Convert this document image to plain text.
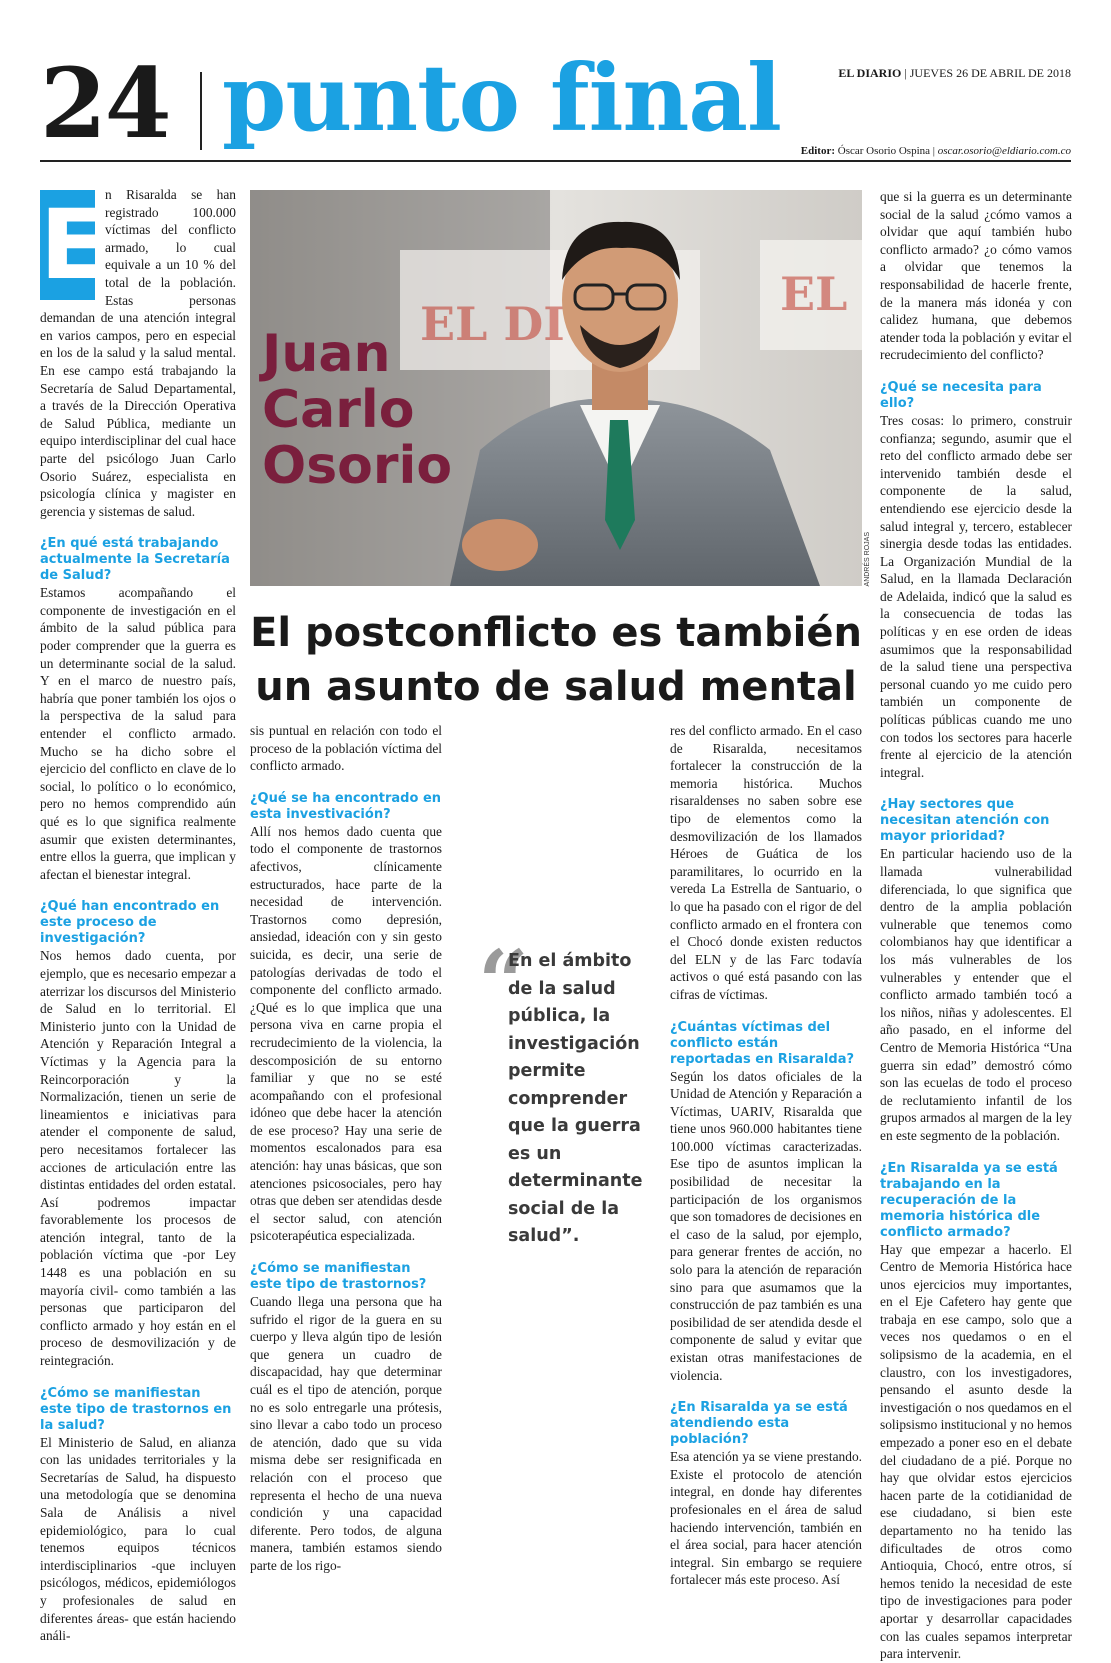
24 punto final	EL DIARIO | JUEVES 26 DE ABRIL DE 2018
Editor: Óscar Osorio Ospina | oscar.osorio@eldiario.com.co

E n Risaralda se han registrado 100.000 víctimas del conflicto armado, lo cual equivale a un 10 % del total de la población. Estas personas demandan de una atención integral en varios campos, pero en especial en los de la salud y la salud mental. En ese campo está trabajando la Secretaría de Salud Departamental, a través de la Dirección Operativa de Salud Pública, mediante un equipo interdisciplinar del cual hace parte del psicólogo Juan Carlo Osorio Suárez, especialista en psicología clínica y magister en gerencia y sistemas de salud.

¿En qué está trabajando actualmente la Secretaría de Salud?

Estamos acompañando el componente de investigación en el ámbito de la salud pública para poder comprender que la guerra es un determinante social de la salud. Y en el marco de nuestro país, habría que poner también los ojos o la perspectiva de la salud para entender el conflicto armado. Mucho se ha dicho sobre el ejercicio del conflicto en clave de lo social, lo político o lo económico, pero no hemos comprendido aún qué es lo que significa realmente asumir que existen determinantes, entre ellos la guerra, que implican y afectan el bienestar integral.

¿Qué han encontrado en este proceso de investigación?

Nos hemos dado cuenta, por ejemplo, que es necesario empezar a aterrizar los discursos del Ministerio de Salud en lo territorial. El Ministerio junto con la Unidad de Atención y Reparación Integral a Víctimas y la Agencia para la Reincorporación y la Normalización, tienen un serie de lineamientos e iniciativas para atender el componente de salud, pero necesitamos fortalecer las acciones de articulación entre las distintas entidades del orden estatal. Así podremos impactar favorablemente los procesos de atención integral, tanto de la población víctima que -por Ley 1448 es una población en su mayoría civil- como también a las personas que participaron del conflicto armado y hoy están en el proceso de desmovilización y de reintegración.

¿Cómo se manifiestan este tipo de trastornos en la salud?

El Ministerio de Salud, en alianza con las unidades territoriales y la Secretarías de Salud, ha dispuesto una metodología que se denomina Sala de Análisis a nivel epidemiológico, para lo cual tenemos equipos técnicos interdisciplinarios -que incluyen psicólogos, médicos, epidemiólogos y profesionales de salud en diferentes áreas- que están haciendo análi-

EL DI
EL
ANDRÉS ROJAS
Juan
Carlo
Osorio
El postconflicto es también
un asunto de salud mental

sis puntual en relación con todo el proceso de la población víctima del conflicto armado.

¿Qué se ha encontrado en esta investivación?

Allí nos hemos dado cuenta que todo el componente de trastornos afectivos, clínicamente estructurados, hace parte de la necesidad de intervención. Trastornos como depresión, ansiedad, ideación con y sin gesto suicida, es decir, una serie de patologías derivadas de todo el componente del conflicto armado. ¿Qué es lo que implica que una persona viva en carne propia el recrudecimiento de la violencia, la descomposición de su entorno familiar y que no se esté acompañando con el profesional idóneo que debe hacer la atención de ese proceso? Hay una serie de momentos escalonados para esa atención: hay unas básicas, que son atenciones psicosociales, pero hay otras que deben ser atendidas desde el sector salud, con atención psicoterapéutica especializada.

¿Cómo se manifiestan este tipo de trastornos?

Cuando llega una persona que ha sufrido el rigor de la guera en su cuerpo y lleva algún tipo de lesión que genera un cuadro de discapacidad, hay que determinar cuál es el tipo de atención, porque no es solo entregarle una prótesis, sino llevar a cabo todo un proceso de atención, dado que su vida misma debe ser resignificada en relación con el proceso que representa el hecho de una nueva condición y una capacidad diferente. Pero todos, de alguna manera, también estamos siendo parte de los rigo-

“
En el ámbito de la salud pública, la investigación permite comprender que la guerra es un determinante social de la salud”.

res del conflicto armado. En el caso de Risaralda, necesitamos fortalecer la construcción de la memoria histórica. Muchos risaraldenses no saben sobre ese tipo de elementos como la desmovilización de los llamados Héroes de Guática de los paramilitares, lo ocurrido en la vereda La Estrella de Santuario, o lo que ha pasado con el rigor de del conflicto armado en el frontera con el Chocó donde existen reductos del ELN y de las Farc todavía activos o qué está pasando con las cifras de víctimas.

¿Cuántas víctimas del conflicto están reportadas en Risaralda?

Según los datos oficiales de la Unidad de Atención y Reparación a Víctimas, UARIV, Risaralda que tiene unos 960.000 habitantes tiene 100.000 víctimas caracterizadas. Ese tipo de asuntos implican la posibilidad de necesitar la participación de los organismos que son tomadores de decisiones en el caso de la salud, por ejemplo, para generar frentes de acción, no solo para la atención de reparación sino para que asumamos que la construcción de paz también es una posibilidad de ser atendida desde el componente de salud y evitar que existan otras manifestaciones de violencia.

¿En Risaralda ya se está atendiendo esta población?

Esa atención ya se viene prestando. Existe el protocolo de atención integral, en donde hay diferentes profesionales en el área de salud haciendo intervención, también en el área social, para hacer atención integral. Sin embargo se requiere fortalecer más este proceso. Así

que si la guerra es un determinante social de la salud ¿cómo vamos a olvidar que aquí también hubo conflicto armado? ¿o cómo vamos a olvidar que tenemos la responsabilidad de hacerle frente, de la manera más idonéa y con calidez humana, que debemos atender toda la población y evitar el recrudecimiento del conflicto?

¿Qué se necesita para ello?

Tres cosas: lo primero, construir confianza; segundo, asumir que el reto del conflicto armado debe ser intervenido también desde el componente de la salud, entendiendo ese ejercicio desde la salud integral y, tercero, establecer sinergia desde todas las entidades. La Organización Mundial de la Salud, en la llamada Declaración de Adelaida, indicó que la salud es la consecuencia de todas las políticas y en ese orden de ideas asumimos que la responsabilidad de la salud tiene una perspectiva personal cuando yo me cuido pero también un componente de políticas públicas cuando me uno con todos los sectores para hacerle frente al ejercicio de la atención integral.

¿Hay sectores que necesitan atención con mayor prioridad?

En particular haciendo uso de la llamada vulnerabilidad diferenciada, lo que significa que dentro de la amplia población vulnerable que tenemos como colombianos hay que identificar a los más vulnerables de los vulnerables y entender que el conflicto armado también tocó a los niños, niñas y adolescentes. El año pasado, en el informe del Centro de Memoria Histórica “Una guerra sin edad” demostró cómo son las ecuelas de todo el proceso de reclutamiento infantil de los grupos armados al margen de la ley en este segmento de la población.

¿En Risaralda ya se está trabajando en la recuperación de la memoria histórica dle conflicto armado?

Hay que empezar a hacerlo. El Centro de Memoria Histórica hace unos ejercicios muy importantes, en el Eje Cafetero hay gente que trabaja en ese campo, solo que a veces nos quedamos o en el solipsismo de la academia, en el claustro, con los investigadores, pensando el asunto desde la investigación o nos quedamos en el solipsismo institucional y no hemos empezado a poner eso en el debate del ciudadano de a pié. Porque no hay que olvidar estos ejercicios hacen parte de la cotidianidad de ese ciudadano, si bien este departamento no ha tenido las dificultades de otros como Antioquia, Chocó, entre otros, sí hemos tenido la necesidad de este tipo de investigaciones para poder aportar y desarrollar capacidades con las cuales sepamos interpretar para intervenir.
